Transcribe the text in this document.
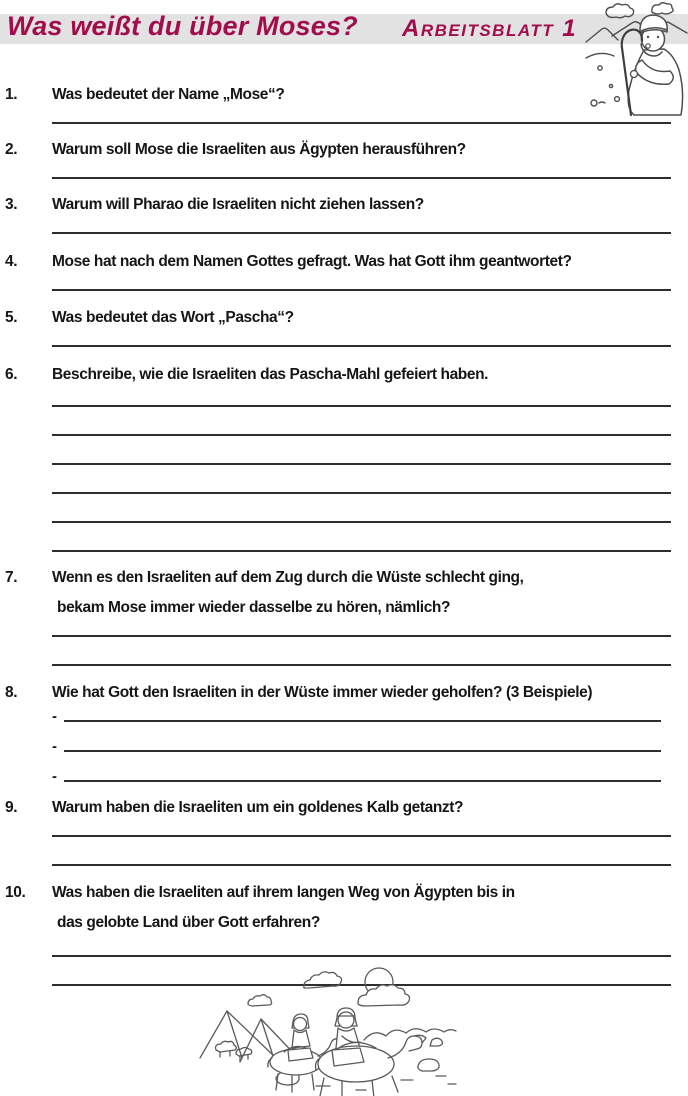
Was weißt du über Moses? Arbeitsblatt 1
1.	Was bedeutet der Name „Mose“?
2.	Warum soll Mose die Israeliten aus Ägypten herausführen?
3.	Warum will Pharao die Israeliten nicht ziehen lassen?
4.	Mose hat nach dem Namen Gottes gefragt. Was hat Gott ihm geantwortet?
5.	Was bedeutet das Wort „Pascha“?
6.	Beschreibe, wie die Israeliten das Pascha-Mahl gefeiert haben.
7.	Wenn es den Israeliten auf dem Zug durch die Wüste schlecht ging,
bekam Mose immer wieder dasselbe zu hören, nämlich?
8.	Wie hat Gott den Israeliten in der Wüste immer wieder geholfen? (3 Beispiele)
-
-
-
9.	Warum haben die Israeliten um ein goldenes Kalb getanzt?
10.	Was haben die Israeliten auf ihrem langen Weg von Ägypten bis in
das gelobte Land über Gott erfahren?
